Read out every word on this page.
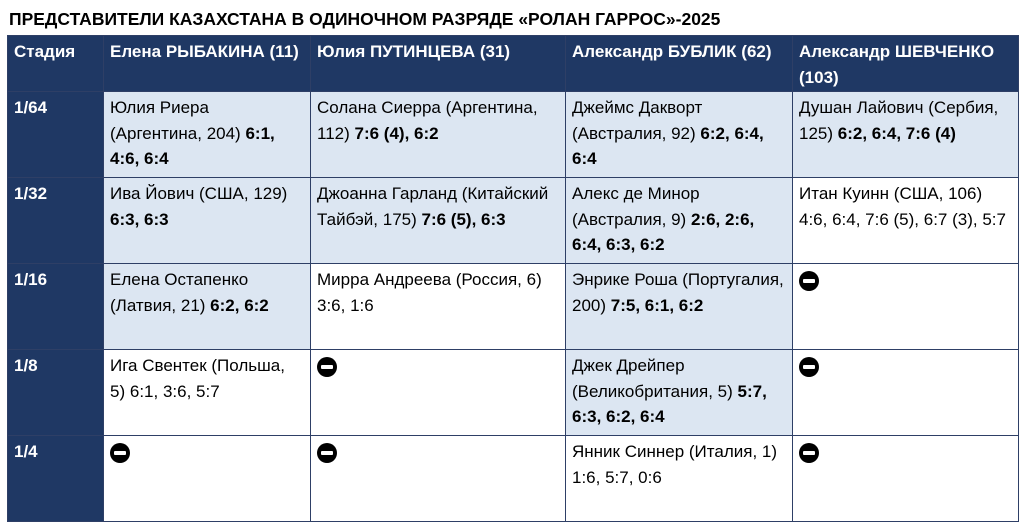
ПРЕДСТАВИТЕЛИ КАЗАХСТАНА В ОДИНОЧНОМ РАЗРЯДЕ «РОЛАН ГАРРОС»-2025
Стадия	Елена РЫБАКИНА (11)	Юлия ПУТИНЦЕВА (31)	Александр БУБЛИК (62)	Александр ШЕВЧЕНКО (103)
1/64	Юлия Риера (Аргентина, 204) 6:1, 4:6, 6:4	Солана Сиерра (Аргентина, 112) 7:6 (4), 6:2	Джеймс Дакворт (Австралия, 92) 6:2, 6:4, 6:4	Душан Лайович (Сербия, 125) 6:2, 6:4, 7:6 (4)
1/32	Ива Йович (США, 129) 6:3, 6:3	Джоанна Гарланд (Китайский Тайбэй, 175) 7:6 (5), 6:3	Алекс де Минор (Австралия, 9) 2:6, 2:6, 6:4, 6:3, 6:2	Итан Куинн (США, 106) 4:6, 6:4, 7:6 (5), 6:7 (3), 5:7
1/16	Елена Остапенко (Латвия, 21) 6:2, 6:2	Мирра Андреева (Россия, 6) 3:6, 1:6	Энрике Роша (Португалия, 200) 7:5, 6:1, 6:2	
1/8	Ига Свентек (Польша, 5) 6:1, 3:6, 5:7		Джек Дрейпер (Великобритания, 5) 5:7, 6:3, 6:2, 6:4	
1/4			Янник Синнер (Италия, 1) 1:6, 5:7, 0:6	
